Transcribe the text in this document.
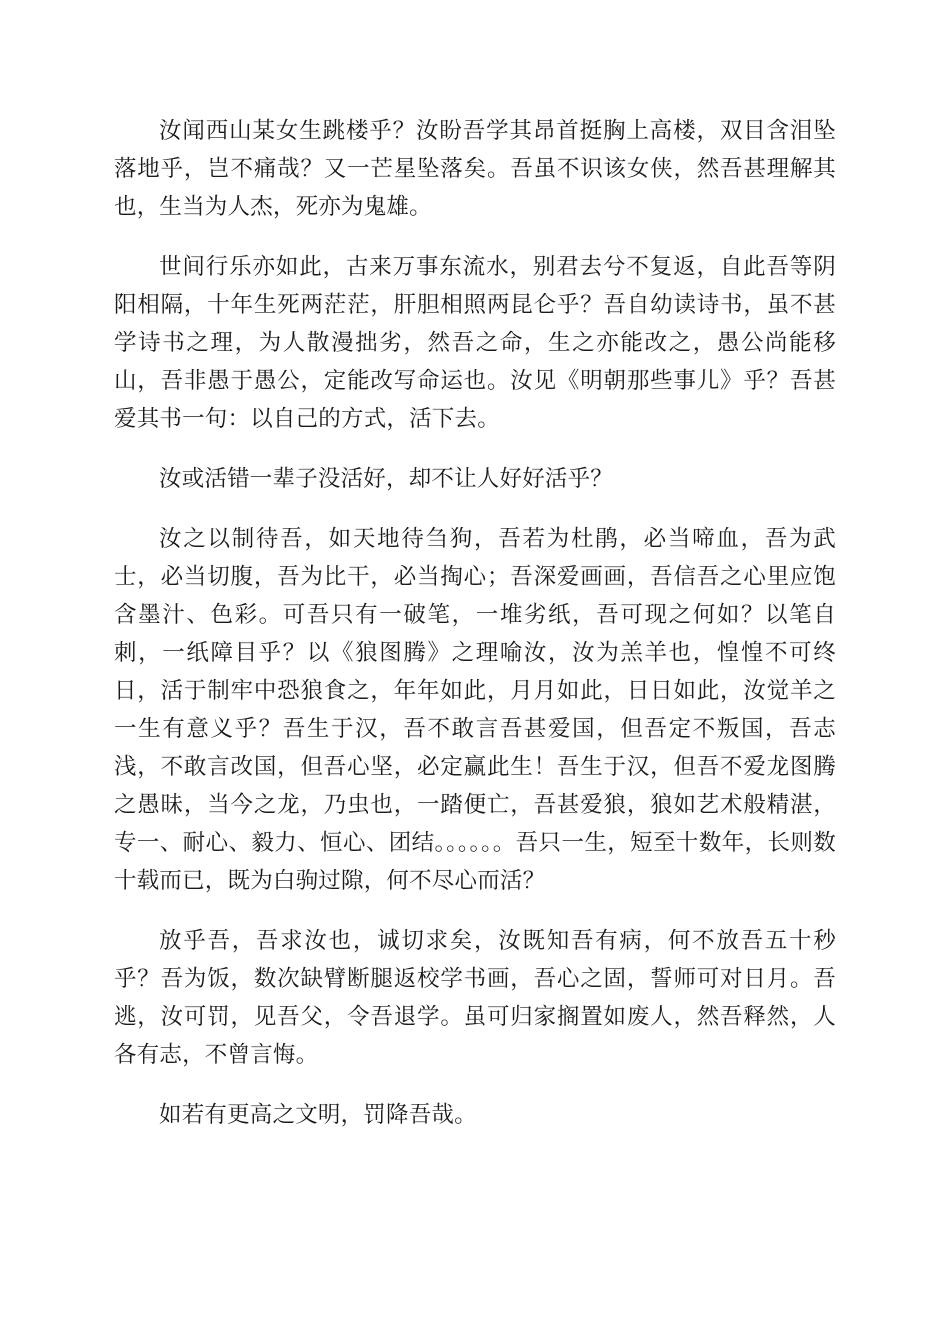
汝闻西山某女生跳楼乎？汝盼吾学其昂首挺胸上高楼，双目含泪坠落地乎，岂不痛哉？又一芒星坠落矣。吾虽不识该女侠，然吾甚理解其也，生当为人杰，死亦为鬼雄。

世间行乐亦如此，古来万事东流水，别君去兮不复返，自此吾等阴阳相隔，十年生死两茫茫，肝胆相照两昆仑乎？吾自幼读诗书，虽不甚学诗书之理，为人散漫拙劣，然吾之命，生之亦能改之，愚公尚能移山，吾非愚于愚公，定能改写命运也。汝见《明朝那些事儿》乎？吾甚爱其书一句：以自己的方式，活下去。

汝或活错一辈子没活好，却不让人好好活乎？

汝之以制待吾，如天地待刍狗，吾若为杜鹃，必当啼血，吾为武士，必当切腹，吾为比干，必当掏心；吾深爱画画，吾信吾之心里应饱含墨汁、色彩。可吾只有一破笔，一堆劣纸，吾可现之何如？以笔自刺，一纸障目乎？以《狼图腾》之理喻汝，汝为羔羊也，惶惶不可终日，活于制牢中恐狼食之，年年如此，月月如此，日日如此，汝觉羊之一生有意义乎？吾生于汉，吾不敢言吾甚爱国，但吾定不叛国，吾志浅，不敢言改国，但吾心坚，必定赢此生！吾生于汉，但吾不爱龙图腾之愚昧，当今之龙，乃虫也，一踏便亡，吾甚爱狼，狼如艺术般精湛，专一、耐心、毅力、恒心、团结。。。。。。吾只一生，短至十数年，长则数十载而已，既为白驹过隙，何不尽心而活？

放乎吾，吾求汝也，诚切求矣，汝既知吾有病，何不放吾五十秒乎？吾为饭，数次缺臂断腿返校学书画，吾心之固，誓师可对日月。吾逃，汝可罚，见吾父，令吾退学。虽可归家搁置如废人，然吾释然，人各有志，不曾言悔。

如若有更高之文明，罚降吾哉。
